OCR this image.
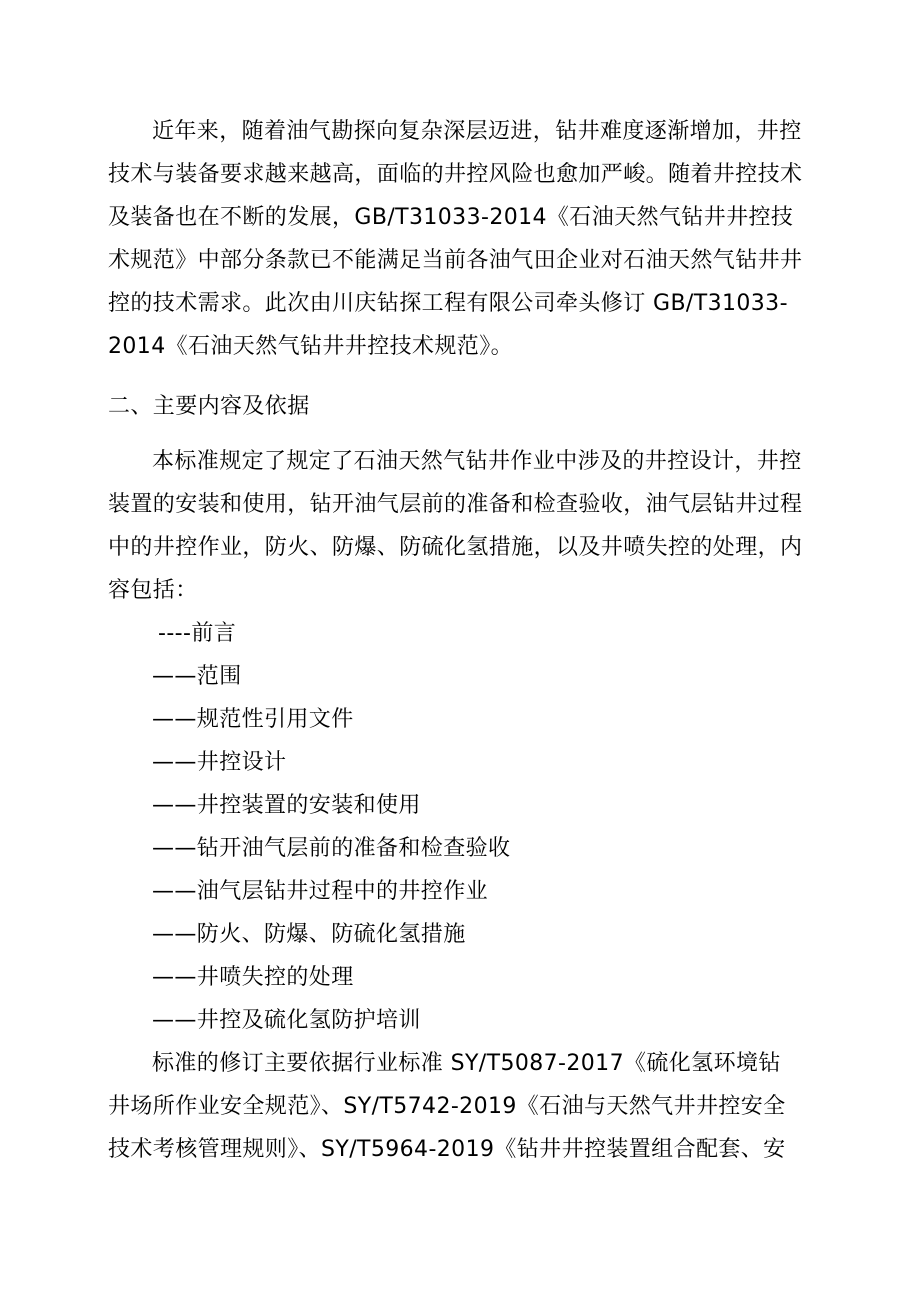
近年来，随着油气勘探向复杂深层迈进，钻井难度逐渐增加，井控
技术与装备要求越来越高，面临的井控风险也愈加严峻。随着井控技术
及装备也在不断的发展，GB/T31033-2014《石油天然气钻井井控技
术规范》中部分条款已不能满足当前各油气田企业对石油天然气钻井井
控的技术需求。此次由川庆钻探工程有限公司牵头修订 GB/T31033-
2014《石油天然气钻井井控技术规范》。
二、主要内容及依据
本标准规定了规定了石油天然气钻井作业中涉及的井控设计，井控
装置的安装和使用，钻开油气层前的准备和检查验收，油气层钻井过程
中的井控作业，防火、防爆、防硫化氢措施，以及井喷失控的处理，内
容包括：
----前言
——范围
——规范性引用文件
——井控设计
——井控装置的安装和使用
——钻开油气层前的准备和检查验收
——油气层钻井过程中的井控作业
——防火、防爆、防硫化氢措施
——井喷失控的处理
——井控及硫化氢防护培训
标准的修订主要依据行业标准 SY/T5087-2017《硫化氢环境钻
井场所作业安全规范》、SY/T5742-2019《石油与天然气井井控安全
技术考核管理规则》、SY/T5964-2019《钻井井控装置组合配套、安
